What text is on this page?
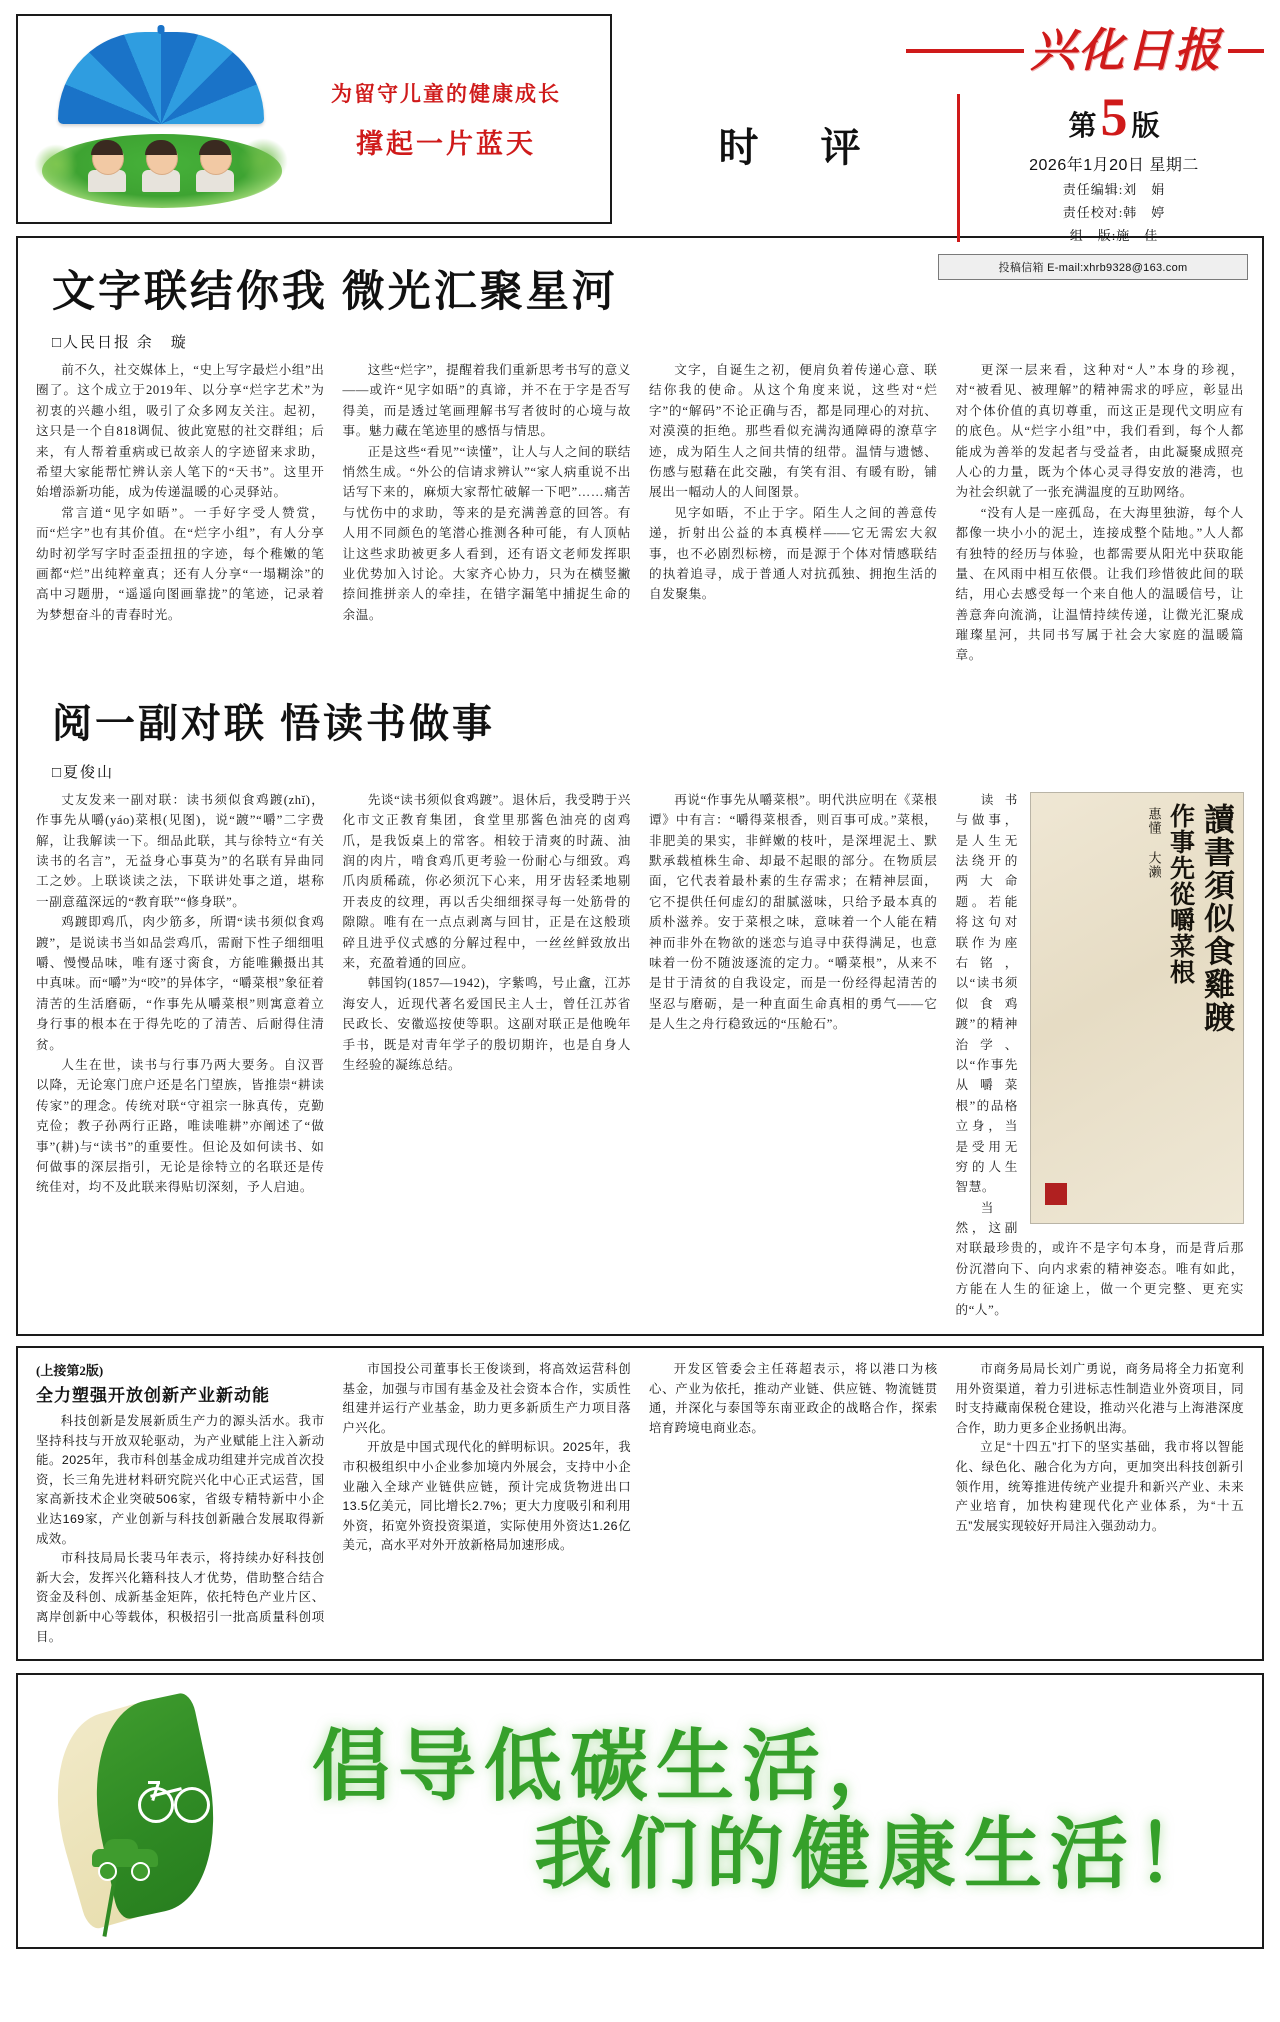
为留守儿童的健康成长
撑起一片蓝天
兴化日报
时 评	第 5 版
2026年1月20日 星期二
责任编辑:刘　娟
责任校对:韩　婷
组　版:施　佳
投稿信箱 E-mail:xhrb9328@163.com
文字联结你我 微光汇聚星河
□人民日报 余　璇

前不久，社交媒体上，“史上写字最烂小组”出圈了。这个成立于2019年、以分享“烂字艺术”为初衷的兴趣小组，吸引了众多网友关注。起初，这只是一个自818调侃、彼此宽慰的社交群组；后来，有人帮着重病或已故亲人的字迹留来求助，希望大家能帮忙辨认亲人笔下的“天书”。这里开始增添新功能，成为传递温暖的心灵驿站。

常言道“见字如晤”。一手好字受人赞赏，而“烂字”也有其价值。在“烂字小组”，有人分享幼时初学写字时歪歪扭扭的字迹，每个稚嫩的笔画都“烂”出纯粹童真；还有人分享“一塌糊涂”的高中习题册，“遥遥向图画靠拢”的笔迹，记录着为梦想奋斗的青春时光。

这些“烂字”，提醒着我们重新思考书写的意义——或许“见字如晤”的真谛，并不在于字是否写得美，而是透过笔画理解书写者彼时的心境与故事。魅力藏在笔迹里的感悟与情思。

正是这些“看见”“读懂”，让人与人之间的联结悄然生成。“外公的信请求辨认”“家人病重说不出话写下来的，麻烦大家帮忙破解一下吧”……痛苦与忧伤中的求助，等来的是充满善意的回答。有人用不同颜色的笔潜心推测各种可能，有人顶帖让这些求助被更多人看到，还有语文老师发挥职业优势加入讨论。大家齐心协力，只为在横竖撇捺间推拼亲人的牵挂，在错字漏笔中捕捉生命的余温。

文字，自诞生之初，便肩负着传递心意、联结你我的使命。从这个角度来说，这些对“烂字”的“解码”不论正确与否，都是同理心的对抗、对漠漠的拒绝。那些看似充满沟通障碍的潦草字迹，成为陌生人之间共情的纽带。温情与遗憾、伤感与慰藉在此交融，有笑有泪、有暖有盼，铺展出一幅动人的人间图景。

见字如晤，不止于字。陌生人之间的善意传递，折射出公益的本真模样——它无需宏大叙事，也不必剧烈标榜，而是源于个体对情感联结的执着追寻，成于普通人对抗孤独、拥抱生活的自发聚集。

更深一层来看，这种对“人”本身的珍视，对“被看见、被理解”的精神需求的呼应，彰显出对个体价值的真切尊重，而这正是现代文明应有的底色。从“烂字小组”中，我们看到，每个人都能成为善举的发起者与受益者，由此凝聚成照亮人心的力量，既为个体心灵寻得安放的港湾，也为社会织就了一张充满温度的互助网络。

“没有人是一座孤岛，在大海里独游，每个人都像一块小小的泥土，连接成整个陆地。”人人都有独特的经历与体验，也都需要从阳光中获取能量、在风雨中相互依偎。让我们珍惜彼此间的联结，用心去感受每一个来自他人的温暖信号，让善意奔向流淌，让温情持续传递，让微光汇聚成璀璨星河，共同书写属于社会大家庭的温暖篇章。

阅一副对联 悟读书做事
□夏俊山

丈友发来一副对联：读书须似食鸡踱(zhǐ)，作事先从嚼(yáo)菜根(见图)，说“踱”“嚼”二字费解，让我解读一下。细品此联，其与徐特立“有关读书的名言”，无益身心事莫为”的名联有异曲同工之妙。上联谈读之法，下联讲处事之道，堪称一副意蕴深远的“教育联”“修身联”。

鸡踱即鸡爪，肉少筋多，所谓“读书须似食鸡踱”，是说读书当如品尝鸡爪，需耐下性子细细咀嚼、慢慢品味，唯有逐寸脔食，方能唯獭摄出其中真味。而“嚼”为“咬”的异体字，“嚼菜根”象征着清苦的生活磨砺，“作事先从嚼菜根”则寓意着立身行事的根本在于得先吃的了清苦、后耐得住清贫。

人生在世，读书与行事乃两大要务。自汉晋以降，无论寒门庶户还是名门望族，皆推崇“耕读传家”的理念。传统对联“守祖宗一脉真传，克勤克俭；教子孙两行正路，唯读唯耕”亦阐述了“做事”(耕)与“读书”的重要性。但论及如何读书、如何做事的深层指引，无论是徐特立的名联还是传统佳对，均不及此联来得贴切深刻，予人启迪。

先谈“读书须似食鸡踱”。退休后，我受聘于兴化市文正教育集团，食堂里那酱色油亮的卤鸡爪，是我饭桌上的常客。相较于清爽的时蔬、油润的肉片，啃食鸡爪更考验一份耐心与细致。鸡爪肉质稀疏，你必须沉下心来，用牙齿轻柔地剔开表皮的纹理，再以舌尖细细探寻每一处筋骨的隙隙。唯有在一点点剥离与回甘，正是在这般琐碎且进乎仪式感的分解过程中，一丝丝鲜致放出来，充盈着通的回应。

韩国钧(1857—1942)，字紫鸣，号止盦，江苏海安人，近现代著名爱国民主人士，曾任江苏省民政长、安徽巡按使等职。这副对联正是他晚年手书，既是对青年学子的殷切期许，也是自身人生经验的凝练总结。

再说“作事先从嚼菜根”。明代洪应明在《菜根谭》中有言：“嚼得菜根香，则百事可成。”菜根，非肥美的果实，非鲜嫩的枝叶，是深埋泥土、默默承载植株生命、却最不起眼的部分。在物质层面，它代表着最朴素的生存需求；在精神层面，它不提供任何虚幻的甜腻滋味，只给予最本真的质朴滋养。安于菜根之味，意味着一个人能在精神而非外在物欲的迷恋与追寻中获得满足，也意味着一份不随波逐流的定力。“嚼菜根”，从来不是甘于清贫的自我设定，而是一份经得起清苦的坚忍与磨砺，是一种直面生命真相的勇气——它是人生之舟行稳致远的“压舱石”。	讀書須似食雞踱
作事先從嚼菜根
惠懂 大濑

读书与做事，是人生无法绕开的两大命题。若能将这句对联作为座右铭，以“读书须似食鸡踱”的精神治学、以“作事先从嚼菜根”的品格立身，当是受用无穷的人生智慧。

当然，这副对联最珍贵的，或许不是字句本身，而是背后那份沉潜向下、向内求索的精神姿态。唯有如此，方能在人生的征途上，做一个更完整、更充实的“人”。

(上接第2版)
全力塑强开放创新产业新动能

科技创新是发展新质生产力的源头活水。我市坚持科技与开放双轮驱动，为产业赋能上注入新动能。2025年，我市科创基金成功组建并完成首次投资，长三角先进材料研究院兴化中心正式运营，国家高新技术企业突破506家，省级专精特新中小企业达169家，产业创新与科技创新融合发展取得新成效。

市科技局局长裴马年表示，将持续办好科技创新大会，发挥兴化籍科技人才优势，借助整合结合资金及科创、成新基金矩阵，依托特色产业片区、离岸创新中心等载体，积极招引一批高质量科创项目。

市国投公司董事长王俊谈到，将高效运营科创基金，加强与市国有基金及社会资本合作，实质性组建并运行产业基金，助力更多新质生产力项目落户兴化。

开放是中国式现代化的鲜明标识。2025年，我市积极组织中小企业参加境内外展会，支持中小企业融入全球产业链供应链，预计完成货物进出口13.5亿美元，同比增长2.7%；更大力度吸引和利用外资，拓宽外资投资渠道，实际使用外资达1.26亿美元，高水平对外开放新格局加速形成。

开发区管委会主任蒋超表示，将以港口为核心、产业为依托，推动产业链、供应链、物流链贯通，并深化与泰国等东南亚政企的战略合作，探索培育跨境电商业态。

市商务局局长刘广勇说，商务局将全力拓宽利用外资渠道，着力引进标志性制造业外资项目，同时支持藏南保税仓建设，推动兴化港与上海港深度合作，助力更多企业扬帆出海。

立足“十四五”打下的坚实基础，我市将以智能化、绿色化、融合化为方向，更加突出科技创新引领作用，统筹推进传统产业提升和新兴产业、未来产业培育，加快构建现代化产业体系，为“十五五”发展实现较好开局注入强劲动力。

倡导低碳生活，
我们的健康生活！
